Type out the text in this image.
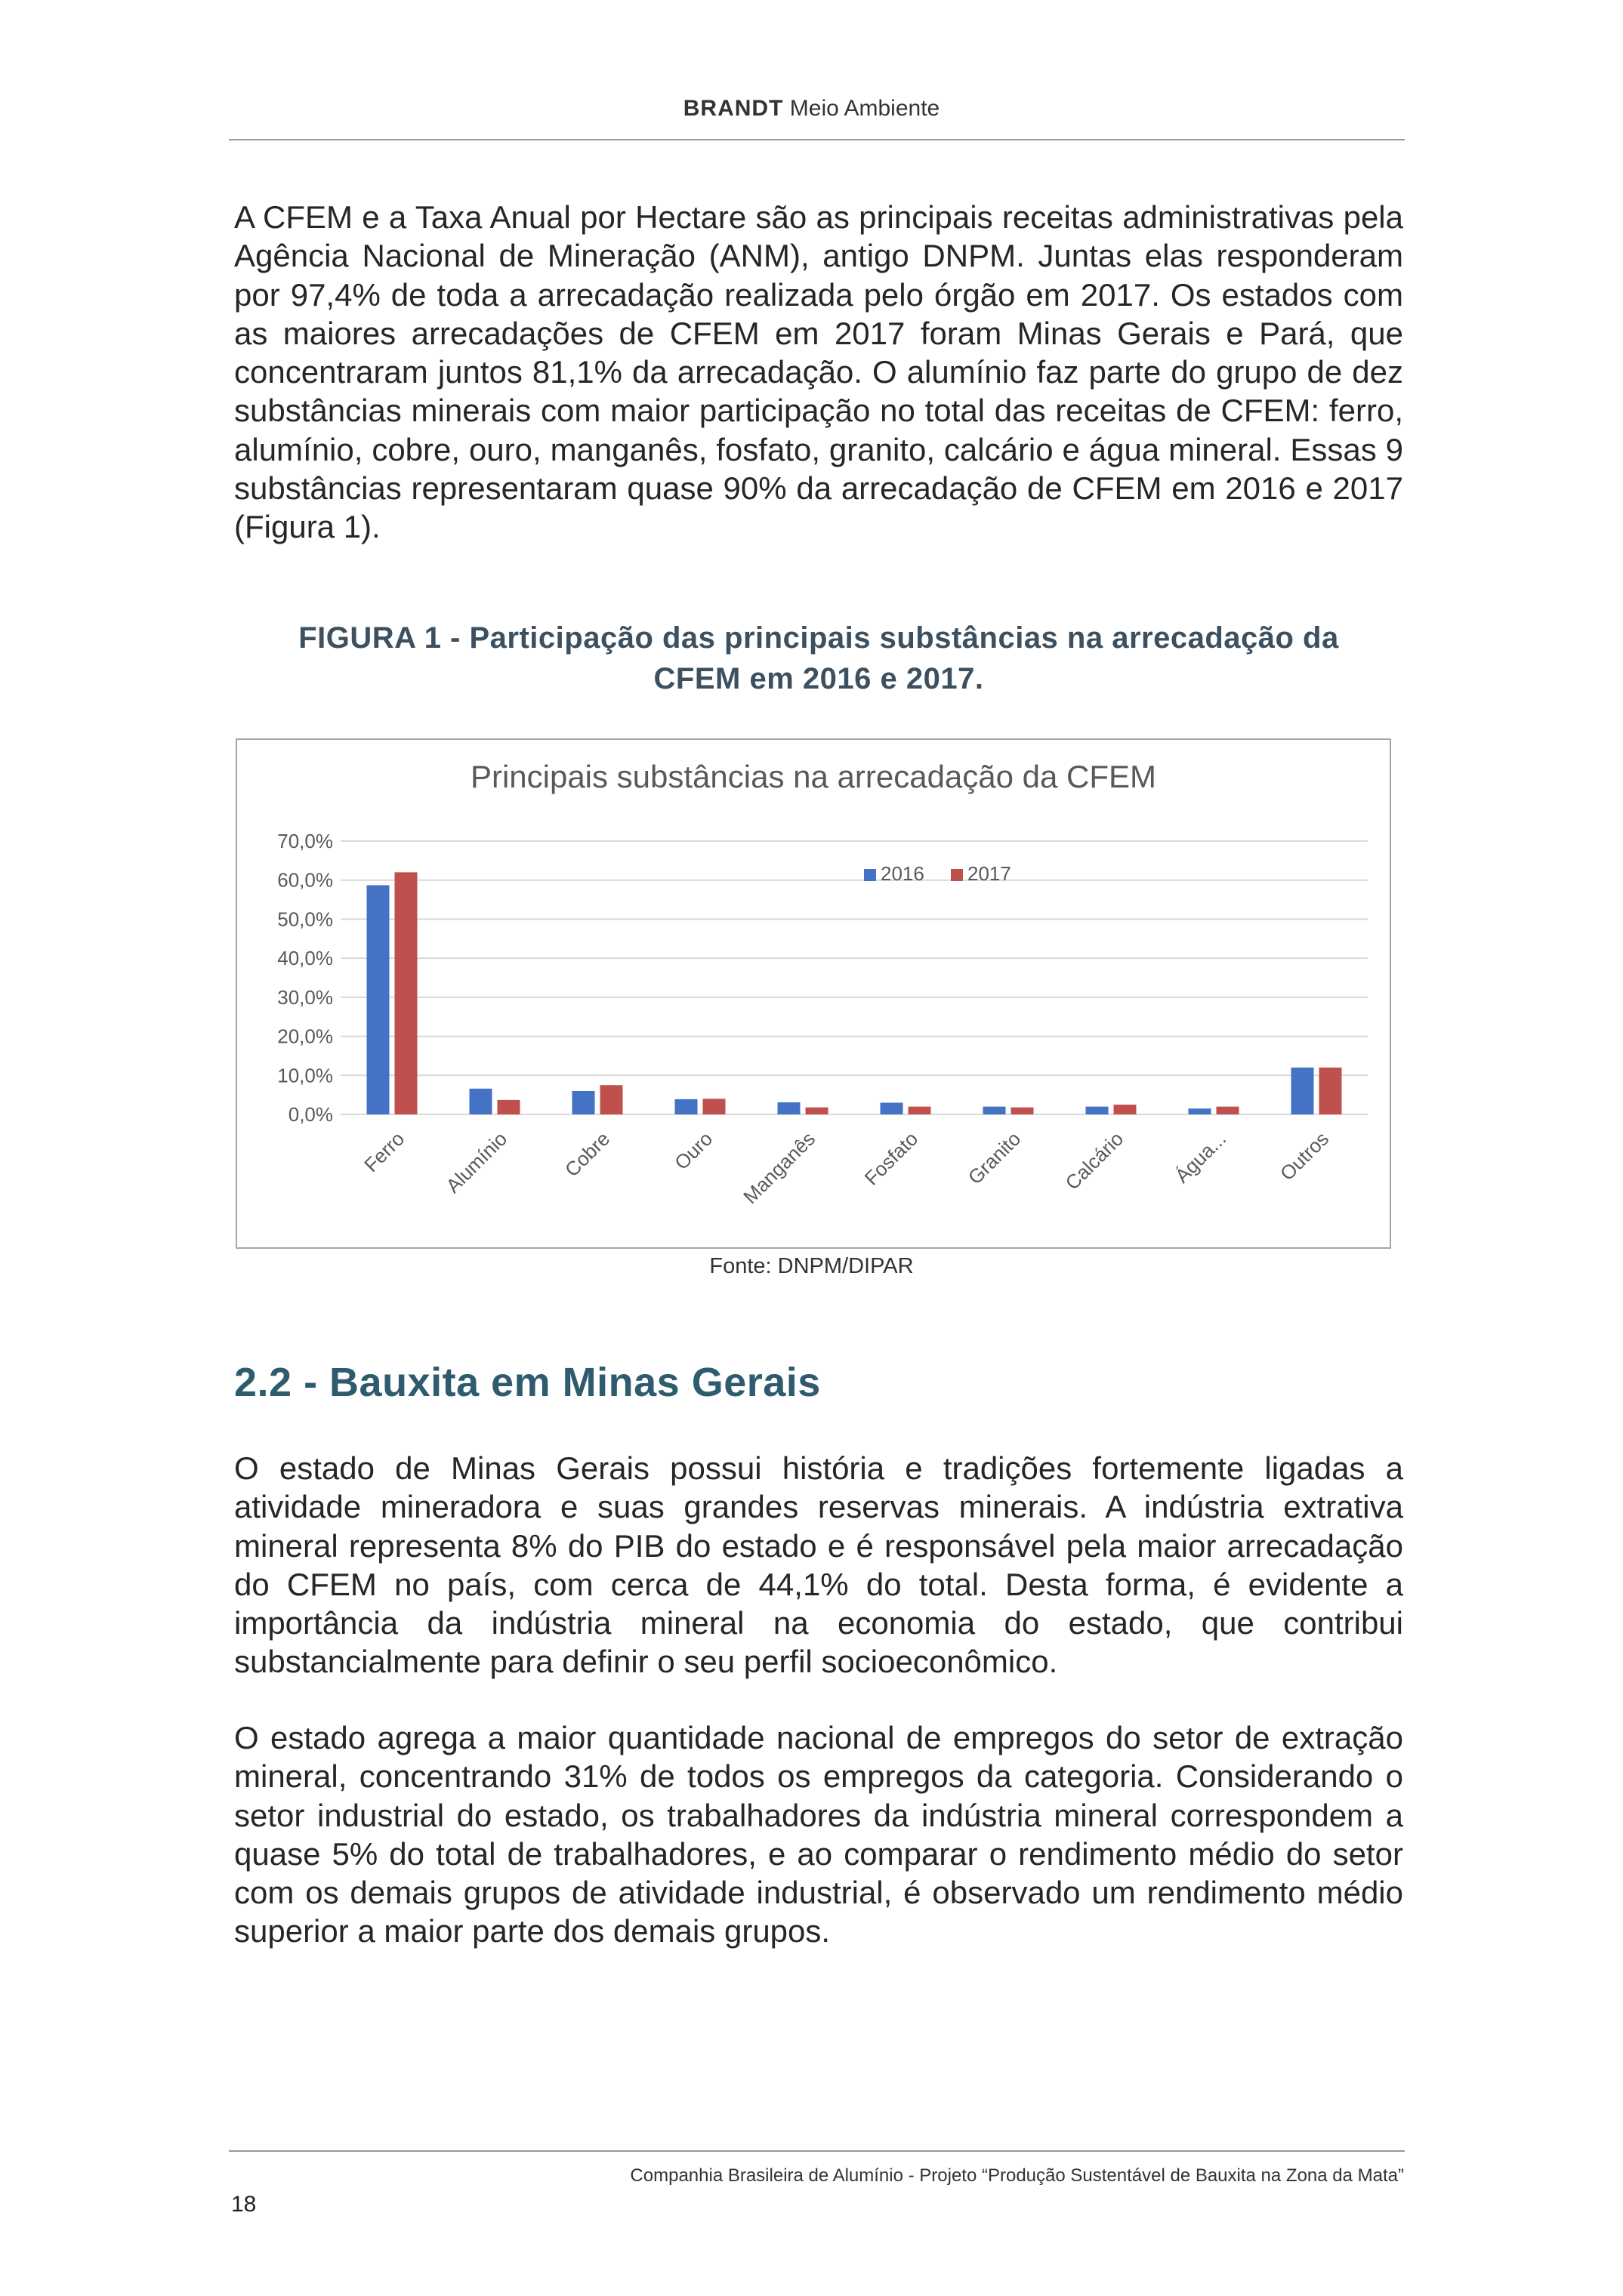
BRANDT Meio Ambiente

A CFEM e a Taxa Anual por Hectare são as principais receitas administrativas pela Agência Nacional de Mineração (ANM), antigo DNPM. Juntas elas responderam por 97,4% de toda a arrecadação realizada pelo órgão em 2017. Os estados com as maiores arrecadações de CFEM em 2017 foram Minas Gerais e Pará, que concentraram juntos 81,1% da arrecadação. O alumínio faz parte do grupo de dez substâncias minerais com maior participação no total das receitas de CFEM: ferro, alumínio, cobre, ouro, manganês, fosfato, granito, calcário e água mineral. Essas 9 substâncias representaram quase 90% da arrecadação de CFEM em 2016 e 2017 (Figura 1).

FIGURA 1 - Participação das principais substâncias na arrecadação da
CFEM em 2016 e 2017.
Principais substâncias na arrecadação da CFEM
0,0%
10,0%
20,0%
30,0%
40,0%
50,0%
60,0%
70,0%
Ferro Alumínio Cobre	Ouro Manganês Fosfato Granito Calcário Água... Outros
2016 2017
Fonte: DNPM/DIPAR
2.2 - Bauxita em Minas Gerais

O estado de Minas Gerais possui história e tradições fortemente ligadas a atividade mineradora e suas grandes reservas minerais. A indústria extrativa mineral representa 8% do PIB do estado e é responsável pela maior arrecadação do CFEM no país, com cerca de 44,1% do total. Desta forma, é evidente a importância da indústria mineral na economia do estado, que contribui substancialmente para definir o seu perfil socioeconômico.

O estado agrega a maior quantidade nacional de empregos do setor de extração mineral, concentrando 31% de todos os empregos da categoria. Considerando o setor industrial do estado, os trabalhadores da indústria mineral correspondem a quase 5% do total de trabalhadores, e ao comparar o rendimento médio do setor com os demais grupos de atividade industrial, é observado um rendimento médio superior a maior parte dos demais grupos.

Companhia Brasileira de Alumínio - Projeto “Produção Sustentável de Bauxita na Zona da Mata”
18
